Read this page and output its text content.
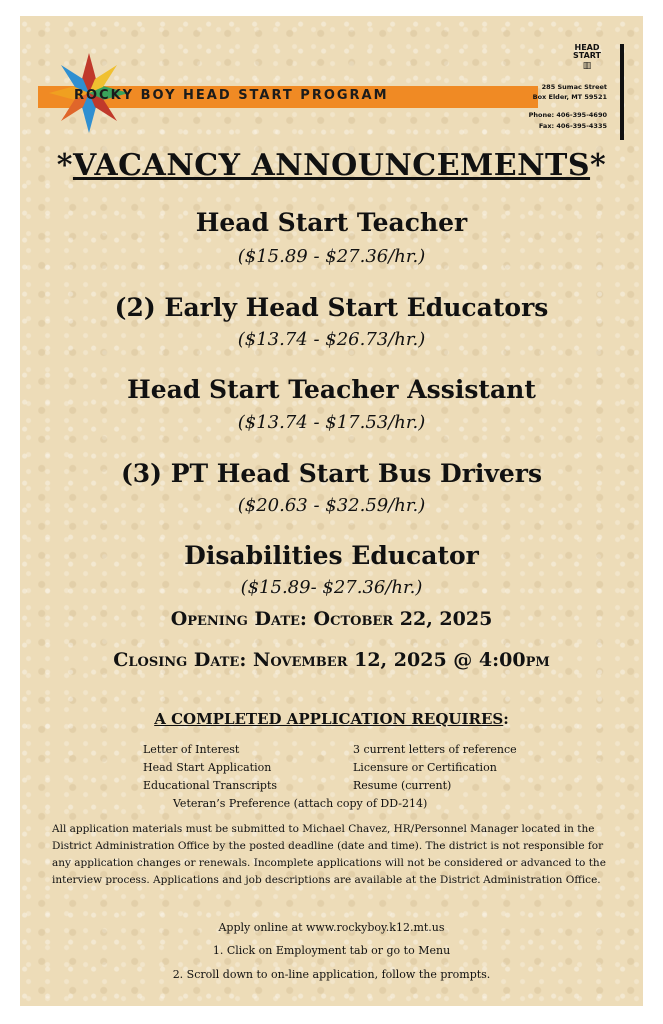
ROCKY BOY HEAD START PROGRAM
HEAD
START
▥
285 Sumac Street
Box Elder, MT 59521
Phone: 406-395-4690
Fax: 406-395-4335
*VACANCY ANNOUNCEMENTS*
Head Start Teacher
($15.89 - $27.36/hr.)
(2) Early Head Start Educators
($13.74 - $26.73/hr.)
Head Start Teacher Assistant
($13.74 - $17.53/hr.)
(3) PT Head Start Bus Drivers
($20.63 - $32.59/hr.)
Disabilities Educator
($15.89- $27.36/hr.)
Opening Date: October 22, 2025
Closing Date: November 12, 2025 @ 4:00pm
A COMPLETED APPLICATION REQUIRES:
Letter of Interest
Head Start Application
Educational Transcripts
3 current letters of reference
Licensure or Certification
Resume (current)
Veteran’s Preference (attach copy of DD-214)
All application materials must be submitted to Michael Chavez, HR/Personnel Manager located in the District Administration Office by the posted deadline (date and time). The district is not responsible for any application changes or renewals. Incomplete applications will not be considered or advanced to the interview process. Applications and job descriptions are available at the District Administration Office.
Apply online at www.rockyboy.k12.mt.us
1. Click on Employment tab or go to Menu
2. Scroll down to on-line application, follow the prompts.
